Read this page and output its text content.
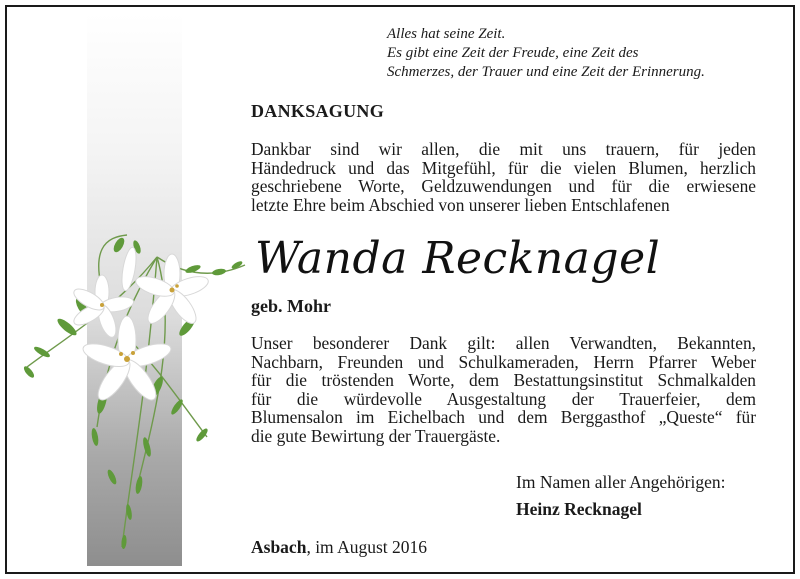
Alles hat seine Zeit.
Es gibt eine Zeit der Freude, eine Zeit des
Schmerzes, der Trauer und eine Zeit der Erinnerung.
DANKSAGUNG
Dankbar sind wir allen, die mit uns trauern, für jeden
Händedruck und das Mitgefühl, für die vielen Blumen, herzlich
geschriebene Worte, Geldzuwendungen und für die erwiesene
letzte Ehre beim Abschied von unserer lieben Entschlafenen
Wanda Recknagel
geb. Mohr
Unser besonderer Dank gilt: allen Verwandten, Bekannten,
Nachbarn, Freunden und Schulkameraden, Herrn Pfarrer Weber
für die tröstenden Worte, dem Bestattungsinstitut Schmalkalden
für die würdevolle Ausgestaltung der Trauerfeier, dem
Blumensalon im Eichelbach und dem Berggasthof „Queste“ für
die gute Bewirtung der Trauergäste.
Im Namen aller Angehörigen:
Heinz Recknagel
Asbach, im August 2016
